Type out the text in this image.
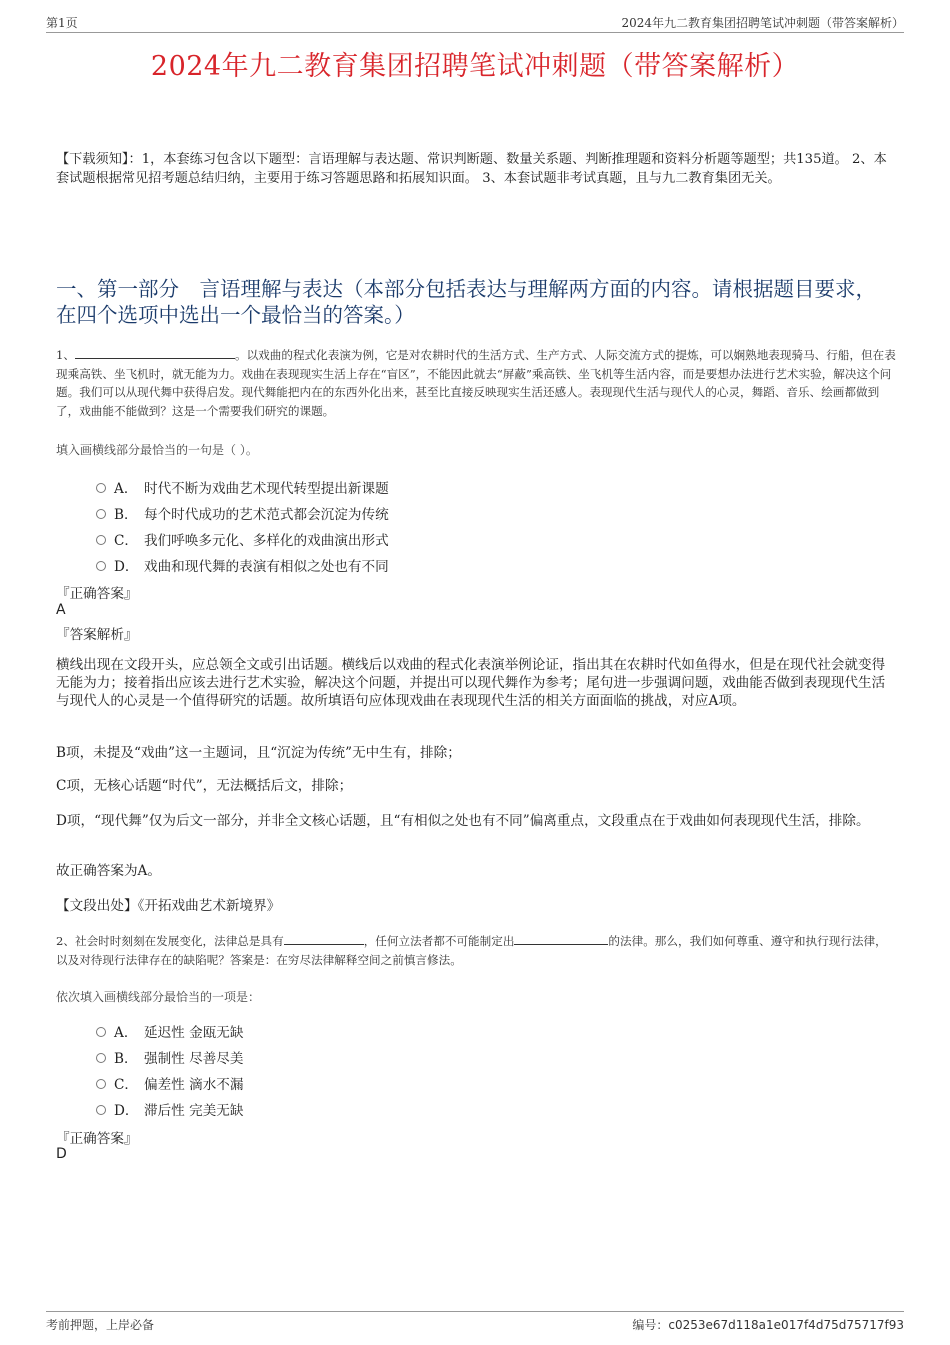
第1页	2024年九二教育集团招聘笔试冲刺题（带答案解析）
2024年九二教育集团招聘笔试冲刺题（带答案解析）
【下载须知】：1，本套练习包含以下题型：言语理解与表达题、常识判断题、数量关系题、判断推理题和资料分析题等题型；共135道。 2、本套试题根据常见招考题总结归纳，主要用于练习答题思路和拓展知识面。 3、本套试题非考试真题，且与九二教育集团无关。
一、第一部分　言语理解与表达（本部分包括表达与理解两方面的内容。请根据题目要求，在四个选项中选出一个最恰当的答案。）
1、	。以戏曲的程式化表演为例，它是对农耕时代的生活方式、生产方式、人际交流方式的提炼，可以娴熟地表现骑马、行船，但在表现乘高铁、坐飞机时，就无能为力。戏曲在表现现实生活上存在“盲区”，不能因此就去“屏蔽”乘高铁、坐飞机等生活内容，而是要想办法进行艺术实验，解决这个问题。我们可以从现代舞中获得启发。现代舞能把内在的东西外化出来，甚至比直接反映现实生活还感人。表现现代生活与现代人的心灵，舞蹈、音乐、绘画都做到了，戏曲能不能做到？这是一个需要我们研究的课题。
填入画横线部分最恰当的一句是（ ）。
A． 时代不断为戏曲艺术现代转型提出新课题
B． 每个时代成功的艺术范式都会沉淀为传统
C． 我们呼唤多元化、多样化的戏曲演出形式
D． 戏曲和现代舞的表演有相似之处也有不同
『正确答案』
A
『答案解析』
横线出现在文段开头，应总领全文或引出话题。横线后以戏曲的程式化表演举例论证，指出其在农耕时代如鱼得水，但是在现代社会就变得无能为力；接着指出应该去进行艺术实验，解决这个问题，并提出可以现代舞作为参考；尾句进一步强调问题，戏曲能否做到表现现代生活与现代人的心灵是一个值得研究的话题。故所填语句应体现戏曲在表现现代生活的相关方面面临的挑战，对应A项。
B项，未提及“戏曲”这一主题词，且“沉淀为传统”无中生有，排除；
C项，无核心话题“时代”，无法概括后文，排除；
D项，“现代舞”仅为后文一部分，并非全文核心话题，且“有相似之处也有不同”偏离重点，文段重点在于戏曲如何表现现代生活，排除。
故正确答案为A。
【文段出处】《开拓戏曲艺术新境界》
2、社会时时刻刻在发展变化，法律总是具有	，任何立法者都不可能制定出	的法律。那么，我们如何尊重、遵守和执行现行法律，以及对待现行法律存在的缺陷呢？答案是：在穷尽法律解释空间之前慎言修法。
依次填入画横线部分最恰当的一项是：
A． 延迟性 金瓯无缺
B． 强制性 尽善尽美
C． 偏差性 滴水不漏
D． 滞后性 完美无缺
『正确答案』
D
考前押题，上岸必备	编号：c0253e67d118a1e017f4d75d75717f93
